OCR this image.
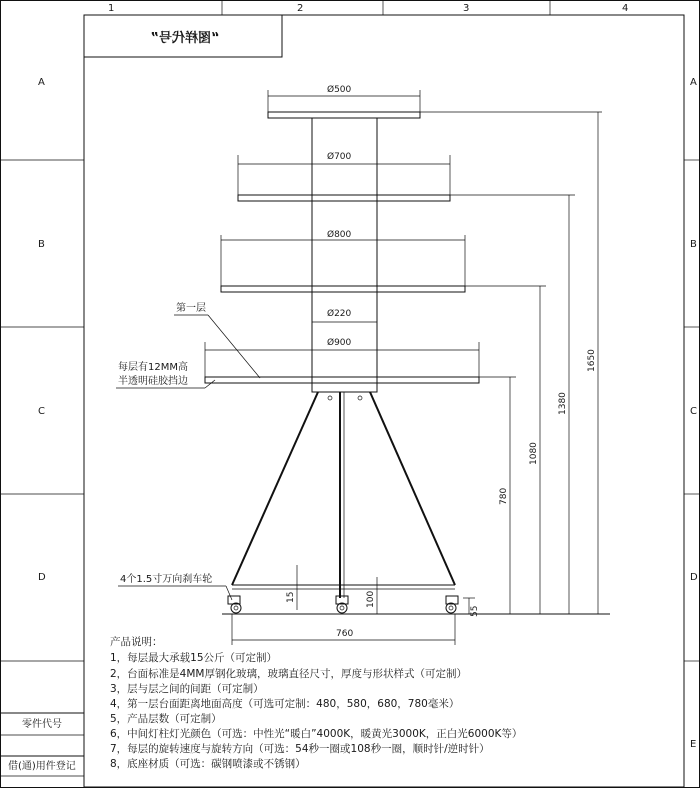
1	2	3	4
A
B
C
D
A
B
C
D
E
“图样代号”
零件代号
借(通)用件登记
Ø500
Ø700
Ø800
Ø220
Ø900
760
780
1080
1380
1650
15	100
55
第一层
每层有12MM高
半透明硅胶挡边
4个1.5寸万向刹车轮
产品说明：
1，每层最大承载15公斤（可定制）
2，台面标准是4MM厚钢化玻璃，玻璃直径尺寸，厚度与形状样式（可定制）
3，层与层之间的间距（可定制）
4，第一层台面距离地面高度（可选可定制：480，580，680，780毫米）
5，产品层数（可定制）
6，中间灯柱灯光颜色（可选：中性光“暖白”4000K，暖黄光3000K，正白光6000K等）
7，每层的旋转速度与旋转方向（可选：54秒一圈或108秒一圈，顺时针/逆时针）
8，底座材质（可选：碳钢喷漆或不锈钢）
